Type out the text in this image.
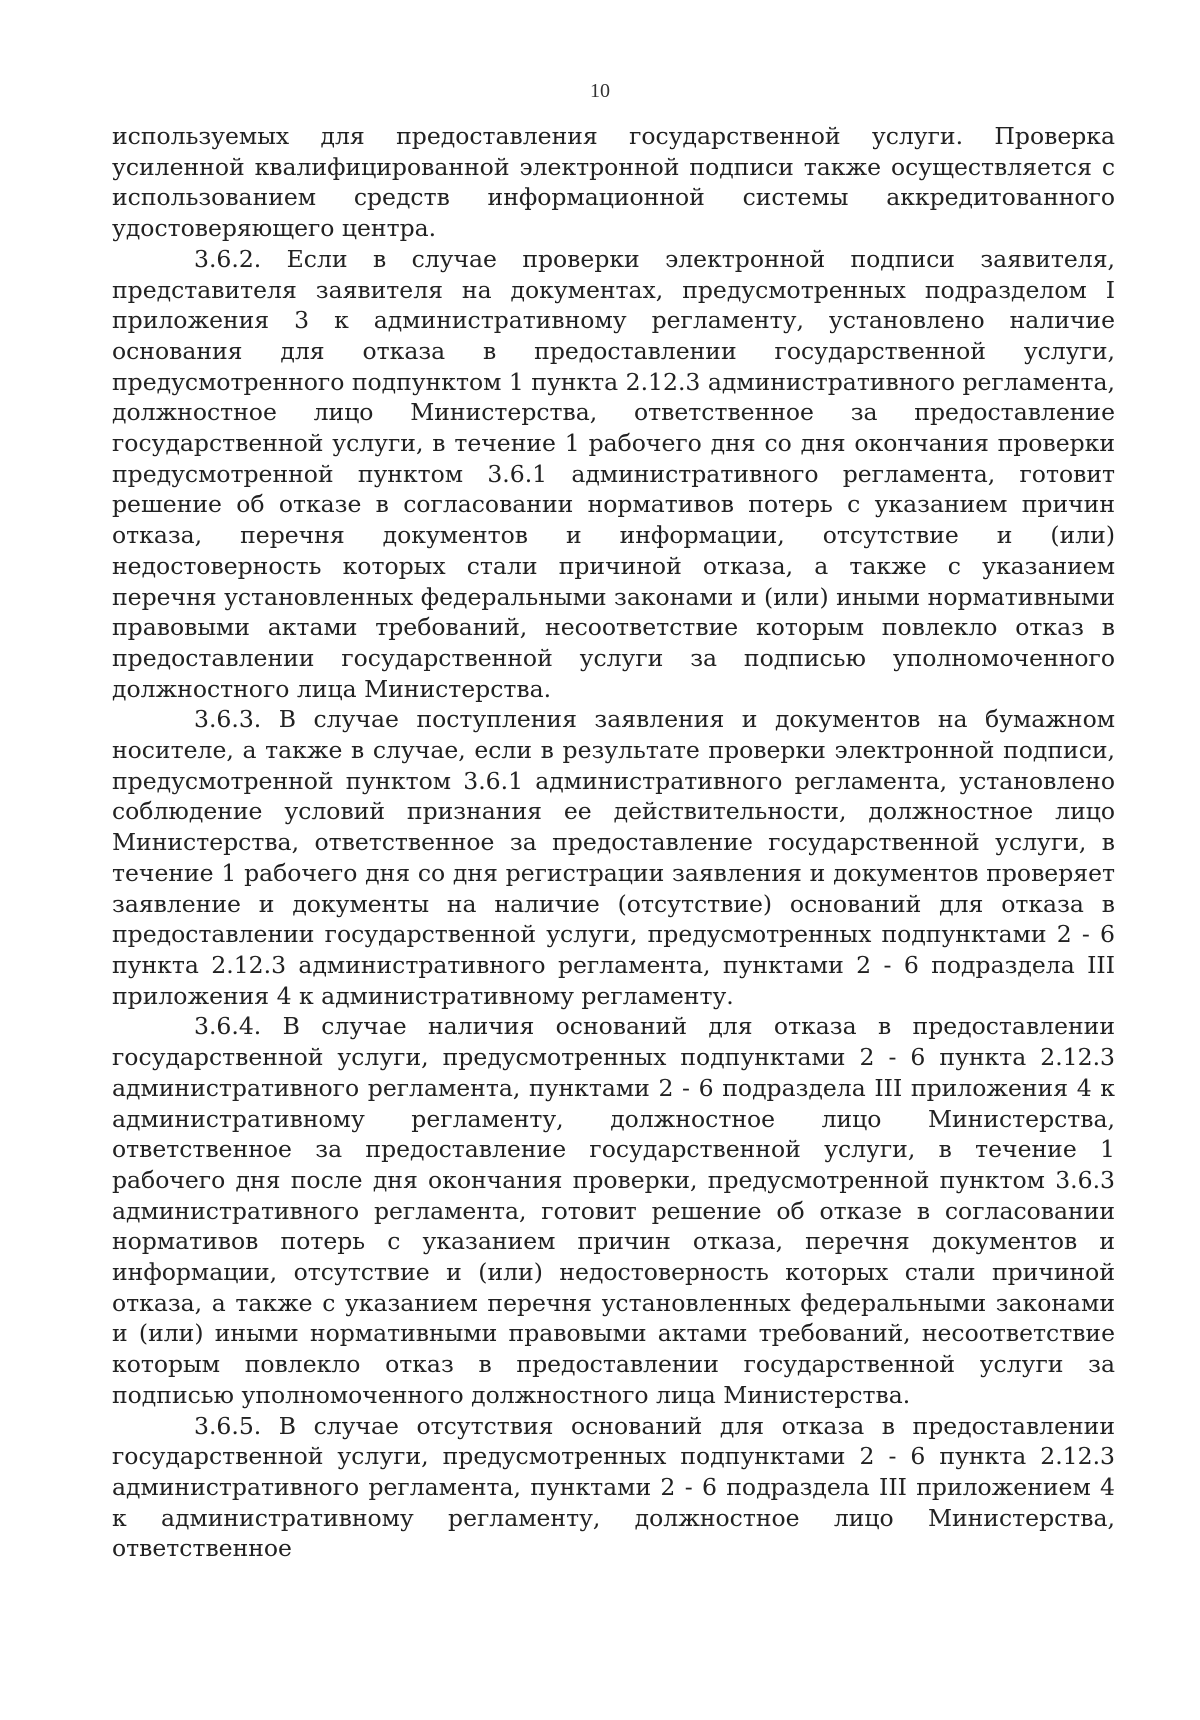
10

используемых для предоставления государственной услуги. Проверка усиленной квалифицированной электронной подписи также осуществляется с использованием средств информационной системы аккредитованного удостоверяющего центра.

3.6.2. Если в случае проверки электронной подписи заявителя, представителя заявителя на документах, предусмотренных подразделом I приложения 3 к административному регламенту, установлено наличие основания для отказа в предоставлении государственной услуги, предусмотренного подпунктом 1 пункта 2.12.3 административного регламента, должностное лицо Министерства, ответственное за предоставление государственной услуги, в течение 1 рабочего дня со дня окончания проверки предусмотренной пунктом 3.6.1 административного регламента, готовит решение об отказе в согласовании нормативов потерь с указанием причин отказа, перечня документов и информации, отсутствие и (или) недостоверность которых стали причиной отказа, а также с указанием перечня установленных федеральными законами и (или) иными нормативными правовыми актами требований, несоответствие которым повлекло отказ в предоставлении государственной услуги за подписью уполномоченного должностного лица Министерства.

3.6.3. В случае поступления заявления и документов на бумажном носителе, а также в случае, если в результате проверки электронной подписи, предусмотренной пунктом 3.6.1 административного регламента, установлено соблюдение условий признания ее действительности, должностное лицо Министерства, ответственное за предоставление государственной услуги, в течение 1 рабочего дня со дня регистрации заявления и документов проверяет заявление и документы на наличие (отсутствие) оснований для отказа в предоставлении государственной услуги, предусмотренных подпунктами 2 - 6 пункта 2.12.3 административного регламента, пунктами 2 - 6 подраздела III приложения 4 к административному регламенту.

3.6.4. В случае наличия оснований для отказа в предоставлении государственной услуги, предусмотренных подпунктами 2 - 6 пункта 2.12.3 административного регламента, пунктами 2 - 6 подраздела III приложения 4 к административному регламенту, должностное лицо Министерства, ответственное за предоставление государственной услуги, в течение 1 рабочего дня после дня окончания проверки, предусмотренной пунктом 3.6.3 административного регламента, готовит решение об отказе в согласовании нормативов потерь с указанием причин отказа, перечня документов и информации, отсутствие и (или) недостоверность которых стали причиной отказа, а также с указанием перечня установленных федеральными законами и (или) иными нормативными правовыми актами требований, несоответствие которым повлекло отказ в предоставлении государственной услуги за подписью уполномоченного должностного лица Министерства.

3.6.5. В случае отсутствия оснований для отказа в предоставлении государственной услуги, предусмотренных подпунктами 2 - 6 пункта 2.12.3 административного регламента, пунктами 2 - 6 подраздела III приложением 4 к административному регламенту, должностное лицо Министерства, ответственное
